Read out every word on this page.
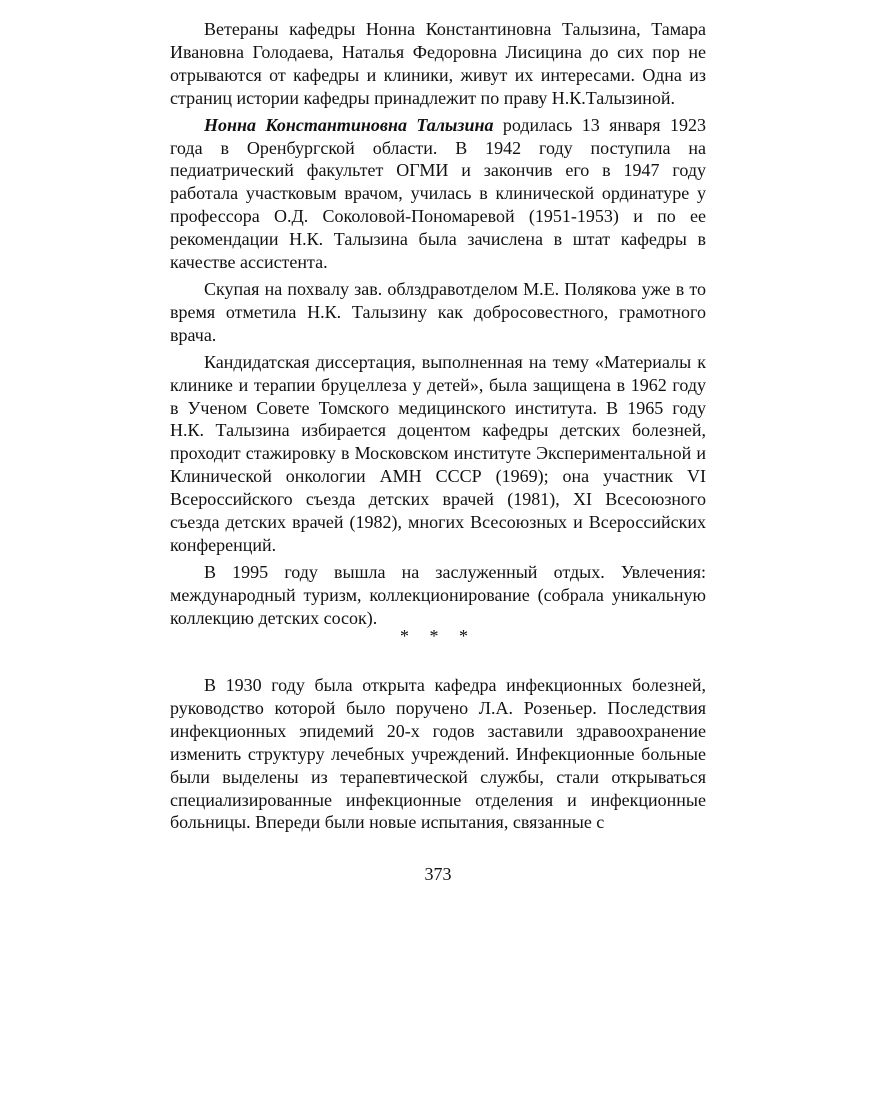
Ветераны кафедры Нонна Константиновна Талызина, Тамара Ивановна Голодаева, Наталья Федоровна Лисицина до сих пор не отрываются от кафедры и клиники, живут их интересами. Одна из страниц истории кафедры принадлежит по праву Н.К.Талызиной.

Нонна Константиновна Талызина родилась 13 января 1923 года в Оренбургской области. В 1942 году поступила на педиатрический факультет ОГМИ и закончив его в 1947 году работала участковым врачом, училась в клинической ординатуре у профессора О.Д. Соколовой-Пономаревой (1951-1953) и по ее рекомендации Н.К. Талызина была зачислена в штат кафедры в качестве ассистента.

Скупая на похвалу зав. облздравотделом М.Е. Полякова уже в то время отметила Н.К. Талызину как добросовестного, грамотного врача.

Кандидатская диссертация, выполненная на тему «Материалы к клинике и терапии бруцеллеза у детей», была защищена в 1962 году в Ученом Совете Томского медицинского института. В 1965 году Н.К. Талызина избирается доцентом кафедры детских болезней, проходит стажировку в Московском институте Экспериментальной и Клинической онкологии АМН СССР (1969); она участник VI Всероссийского съезда детских врачей (1981), XI Всесоюзного съезда детских врачей (1982), многих Всесоюзных и Всероссийских конференций.

В 1995 году вышла на заслуженный отдых. Увлечения: международный туризм, коллекционирование (собрала уникальную коллекцию детских сосок).

* * *

В 1930 году была открыта кафедра инфекционных болезней, руководство которой было поручено Л.А. Розеньер. Последствия инфекционных эпидемий 20-х годов заставили здравоохранение изменить структуру лечебных учреждений. Инфекционные больные были выделены из терапевтической службы, стали открываться специализированные инфекционные отделения и инфекционные больницы. Впереди были новые испытания, связанные с

373
